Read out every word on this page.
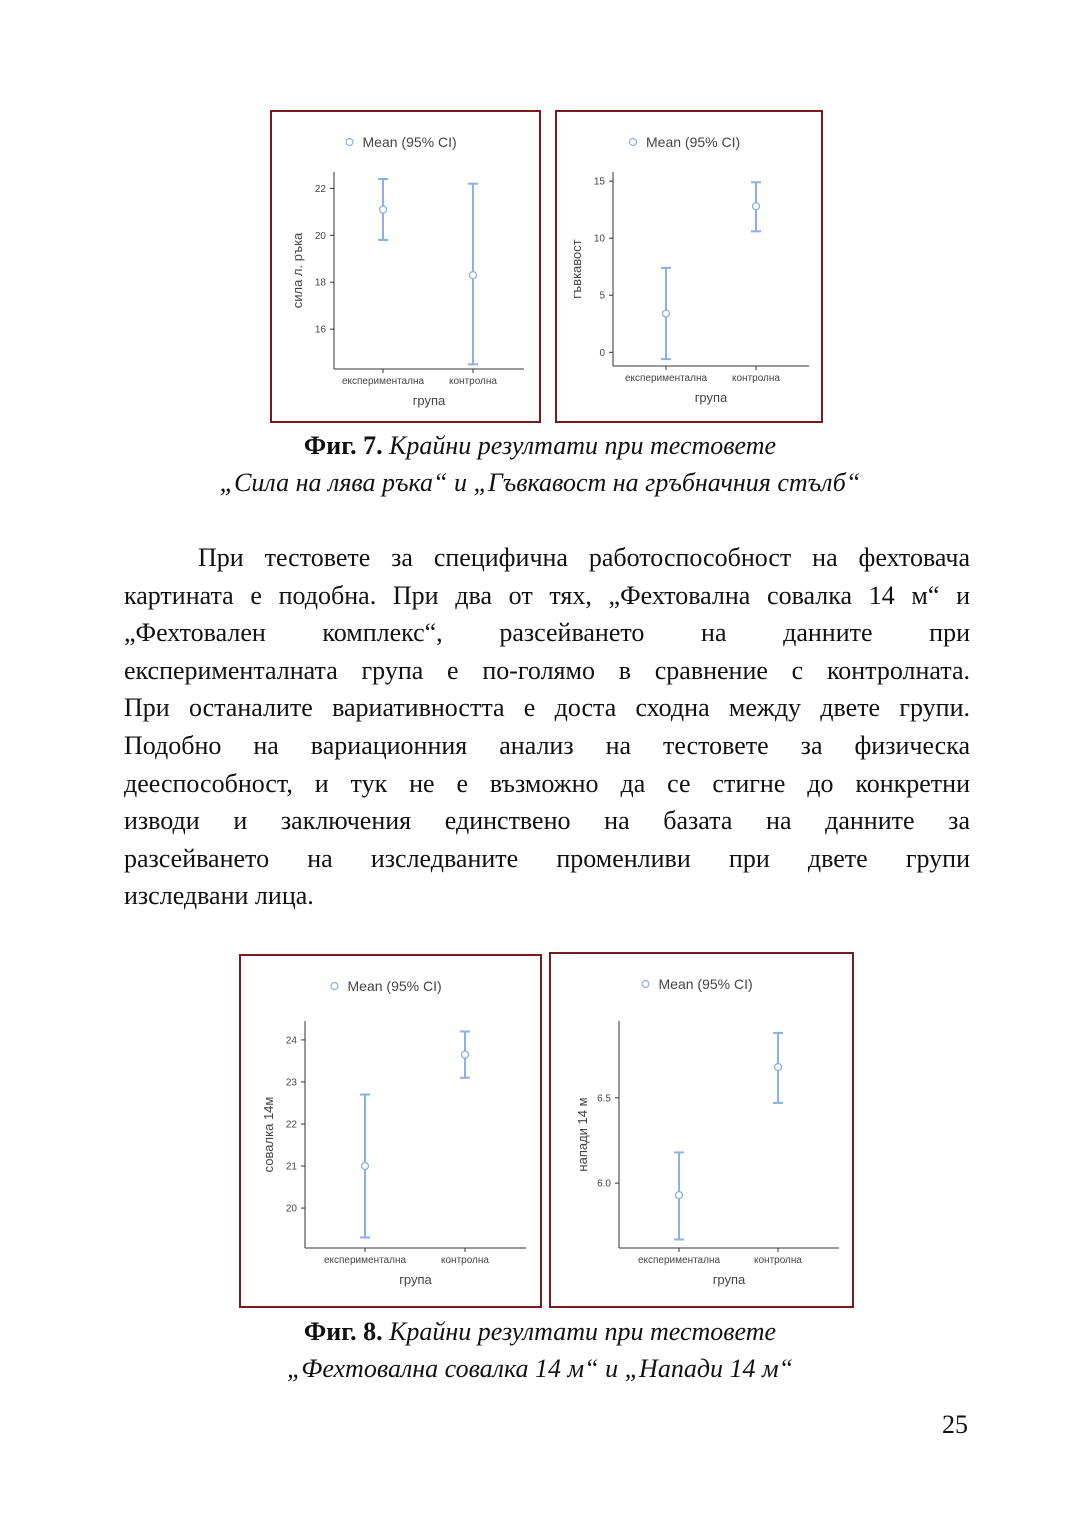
Mean (95% CI)
16
18
20
22
експериментална контролна
група
сила л. ръка
Mean (95% CI)
0
5
10
15
експериментална контролна
група
гъвкавост
Фиг. 7. Крайни резултати при тестовете
„Сила на лява ръка“ и „Гъвкавост на гръбначния стълб“
При тестовете за специфична работоспособност на фехтовача
картината е подобна. При два от тях, „Фехтовална совалка 14 м“ и
„Фехтовален комплекс“, разсейването на данните при
експерименталната група е по-голямо в сравнение с контролната.
При останалите вариативността е доста сходна между двете групи.
Подобно на вариационния анализ на тестовете за физическа
дееспособност, и тук не е възможно да се стигне до конкретни
изводи и заключения единствено на базата на данните за
разсейването на изследваните променливи при двете групи
изследвани лица.
Mean (95% CI)
20
21
22
23
24
експериментална	контролна
група
совалка 14м
Mean (95% CI)
6.0
6.5
експериментална	контролна
група
напади 14 м
Фиг. 8. Крайни резултати при тестовете
„Фехтовална совалка 14 м“ и „Напади 14 м“
25
